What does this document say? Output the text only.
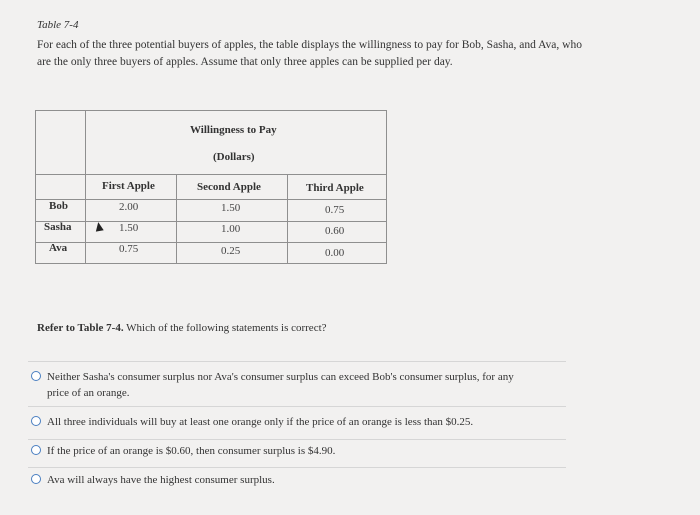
Table 7-4
For each of the three potential buyers of apples, the table displays the willingness to pay for Bob, Sasha, and Ava, who are the only three buyers of apples. Assume that only three apples can be supplied per day.
Willingness to Pay
(Dollars)
First Apple	Second Apple	Third Apple
Bob	2.00	1.50	0.75
Sasha	1.50	1.00	0.60
Ava	0.75	0.25	0.00
Refer to Table 7-4. Which of the following statements is correct?
Neither Sasha's consumer surplus nor Ava's consumer surplus can exceed Bob's consumer surplus, for any
price of an orange.
All three individuals will buy at least one orange only if the price of an orange is less than $0.25.
If the price of an orange is $0.60, then consumer surplus is $4.90.
Ava will always have the highest consumer surplus.
